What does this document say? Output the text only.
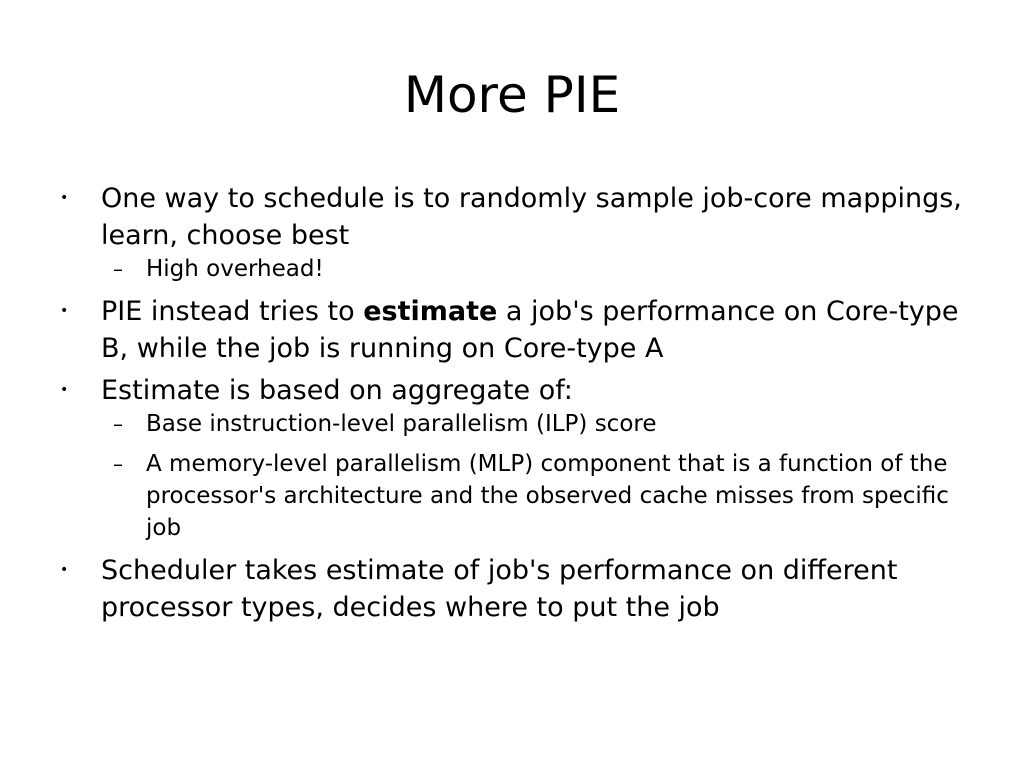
More PIE
• One way to schedule is to randomly sample job-core mappings, learn, choose best
– High overhead!
• PIE instead tries to estimate a job's performance on Core-type B, while the job is running on Core-type A
• Estimate is based on aggregate of:
– Base instruction-level parallelism (ILP) score
– A memory-level parallelism (MLP) component that is a function of the processor's architecture and the observed cache misses from specific job
• Scheduler takes estimate of job's performance on different processor types, decides where to put the job
